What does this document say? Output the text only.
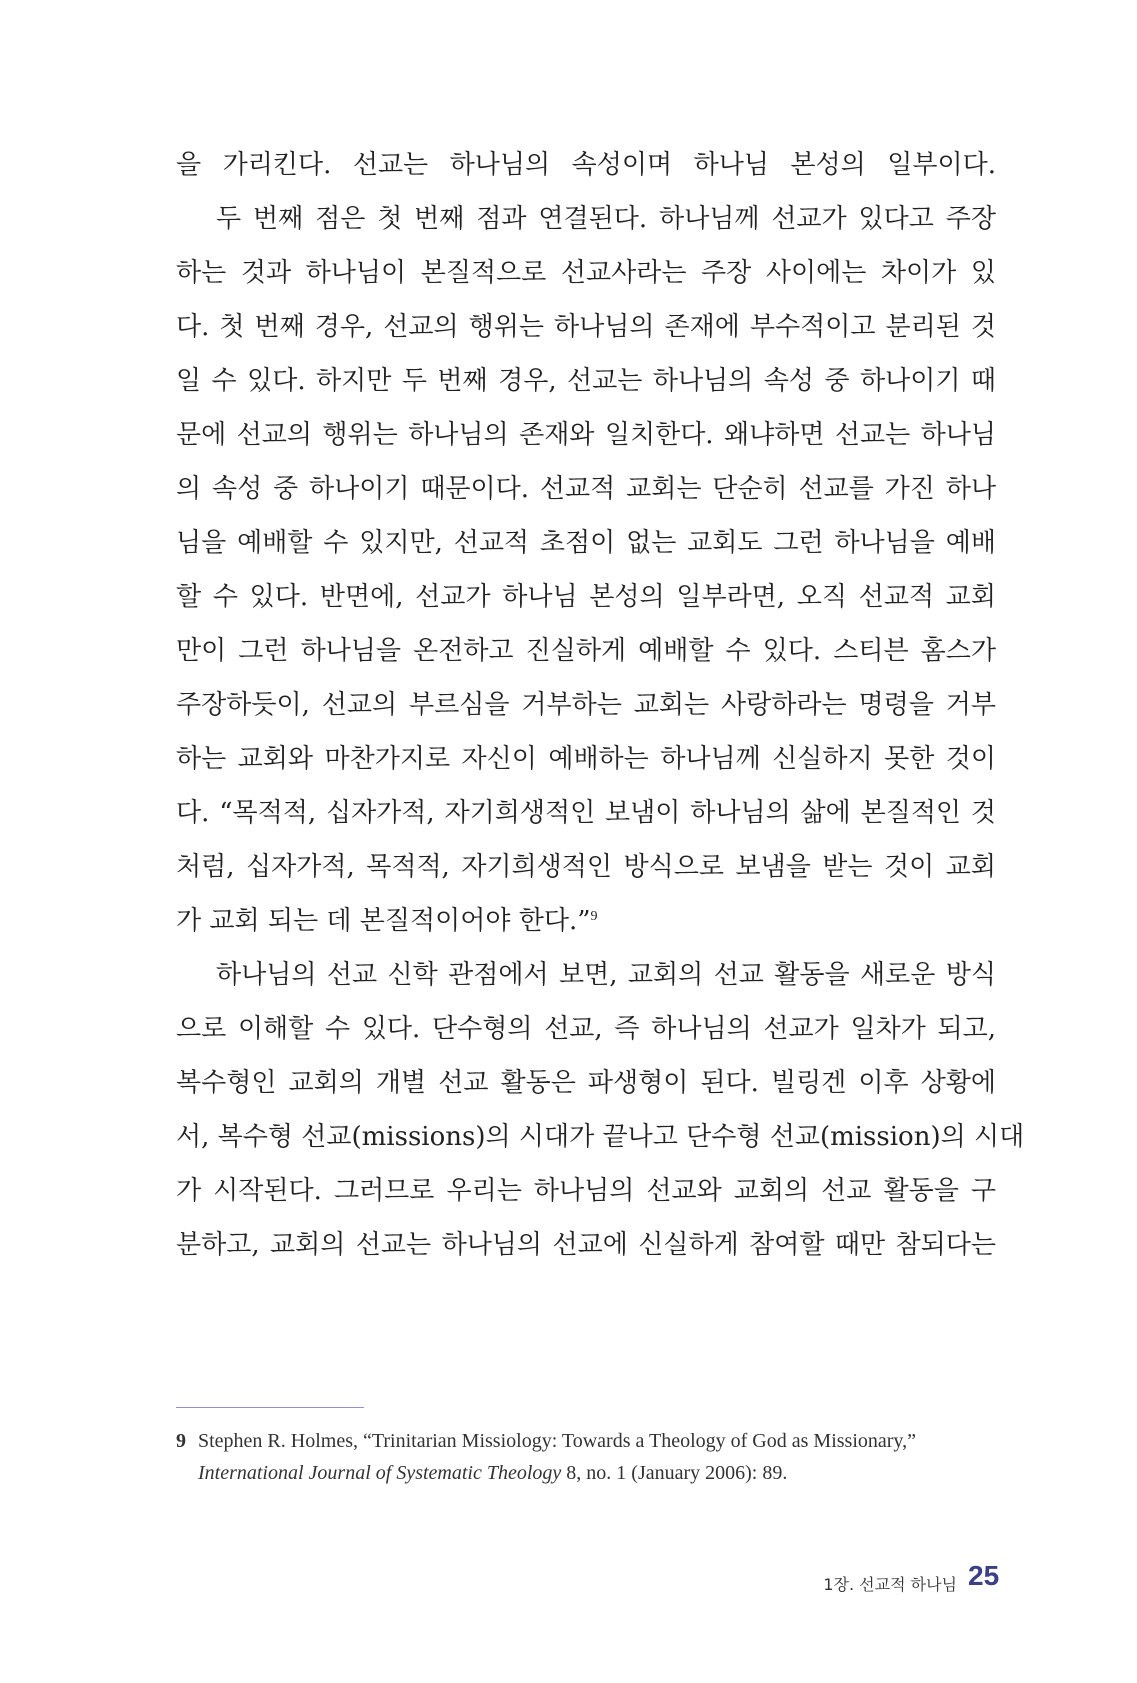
을 가리킨다. 선교는 하나님의 속성이며 하나님 본성의 일부이다.
두 번째 점은 첫 번째 점과 연결된다. 하나님께 선교가 있다고 주장
하는 것과 하나님이 본질적으로 선교사라는 주장 사이에는 차이가 있
다. 첫 번째 경우, 선교의 행위는 하나님의 존재에 부수적이고 분리된 것
일 수 있다. 하지만 두 번째 경우, 선교는 하나님의 속성 중 하나이기 때
문에 선교의 행위는 하나님의 존재와 일치한다. 왜냐하면 선교는 하나님
의 속성 중 하나이기 때문이다. 선교적 교회는 단순히 선교를 가진 하나
님을 예배할 수 있지만, 선교적 초점이 없는 교회도 그런 하나님을 예배
할 수 있다. 반면에, 선교가 하나님 본성의 일부라면, 오직 선교적 교회
만이 그런 하나님을 온전하고 진실하게 예배할 수 있다. 스티븐 홈스가
주장하듯이, 선교의 부르심을 거부하는 교회는 사랑하라는 명령을 거부
하는 교회와 마찬가지로 자신이 예배하는 하나님께 신실하지 못한 것이
다. “목적적, 십자가적, 자기희생적인 보냄이 하나님의 삶에 본질적인 것
처럼, 십자가적, 목적적, 자기희생적인 방식으로 보냄을 받는 것이 교회
가 교회 되는 데 본질적이어야 한다.”$^9$
하나님의 선교 신학 관점에서 보면, 교회의 선교 활동을 새로운 방식
으로 이해할 수 있다. 단수형의 선교, 즉 하나님의 선교가 일차가 되고,
복수형인 교회의 개별 선교 활동은 파생형이 된다. 빌링겐 이후 상황에
서, 복수형 선교(missions)의 시대가 끝나고 단수형 선교(mission)의 시대
가 시작된다. 그러므로 우리는 하나님의 선교와 교회의 선교 활동을 구
분하고, 교회의 선교는 하나님의 선교에 신실하게 참여할 때만 참되다는
9 Stephen R. Holmes, “Trinitarian Missiology: Towards a Theology of God as Missionary,”
International Journal of Systematic Theology 8, no. 1 (January 2006): 89.
1장. 선교적 하나님 25
